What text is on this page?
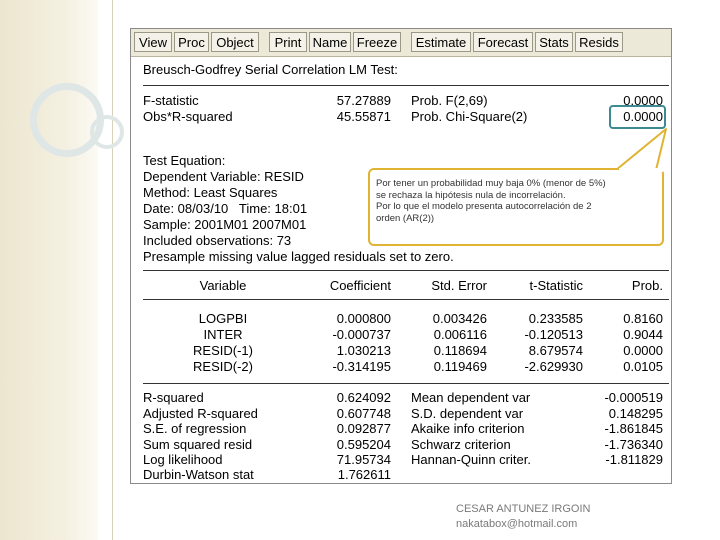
View Proc Object	Print Name Freeze	Estimate Forecast Stats Resids
Breusch-Godfrey Serial Correlation LM Test:
F-statistic	57.27889 Prob. F(2,69)	0.0000
Obs*R-squared	45.55871 Prob. Chi-Square(2)	0.0000
Test Equation:
Dependent Variable: RESID
Method: Least Squares
Date: 08/03/10   Time: 18:01
Sample: 2001M01 2007M01
Included observations: 73
Presample missing value lagged residuals set to zero.
Variable	Coefficient	Std. Error	t-Statistic	Prob.
LOGPBI	0.000800	0.003426	0.233585	0.8160
INTER	-0.000737	0.006116	-0.120513	0.9044
RESID(-1)	1.030213	0.118694	8.679574	0.0000
RESID(-2)	-0.314195	0.119469	-2.629930	0.0105
R-squared	0.624092 Mean dependent var	-0.000519
Adjusted R-squared	0.607748 S.D. dependent var	0.148295
S.E. of regression	0.092877 Akaike info criterion	-1.861845
Sum squared resid	0.595204 Schwarz criterion	-1.736340
Log likelihood	71.95734 Hannan-Quinn criter.	-1.811829
Durbin-Watson stat	1.762611
Por tener un probabilidad muy baja 0% (menor de 5%)
se rechaza la hipótesis nula de incorrelación.
Por lo que el modelo presenta autocorrelación de 2
orden (AR(2))
CESAR ANTUNEZ IRGOIN
nakatabox@hotmail.com
